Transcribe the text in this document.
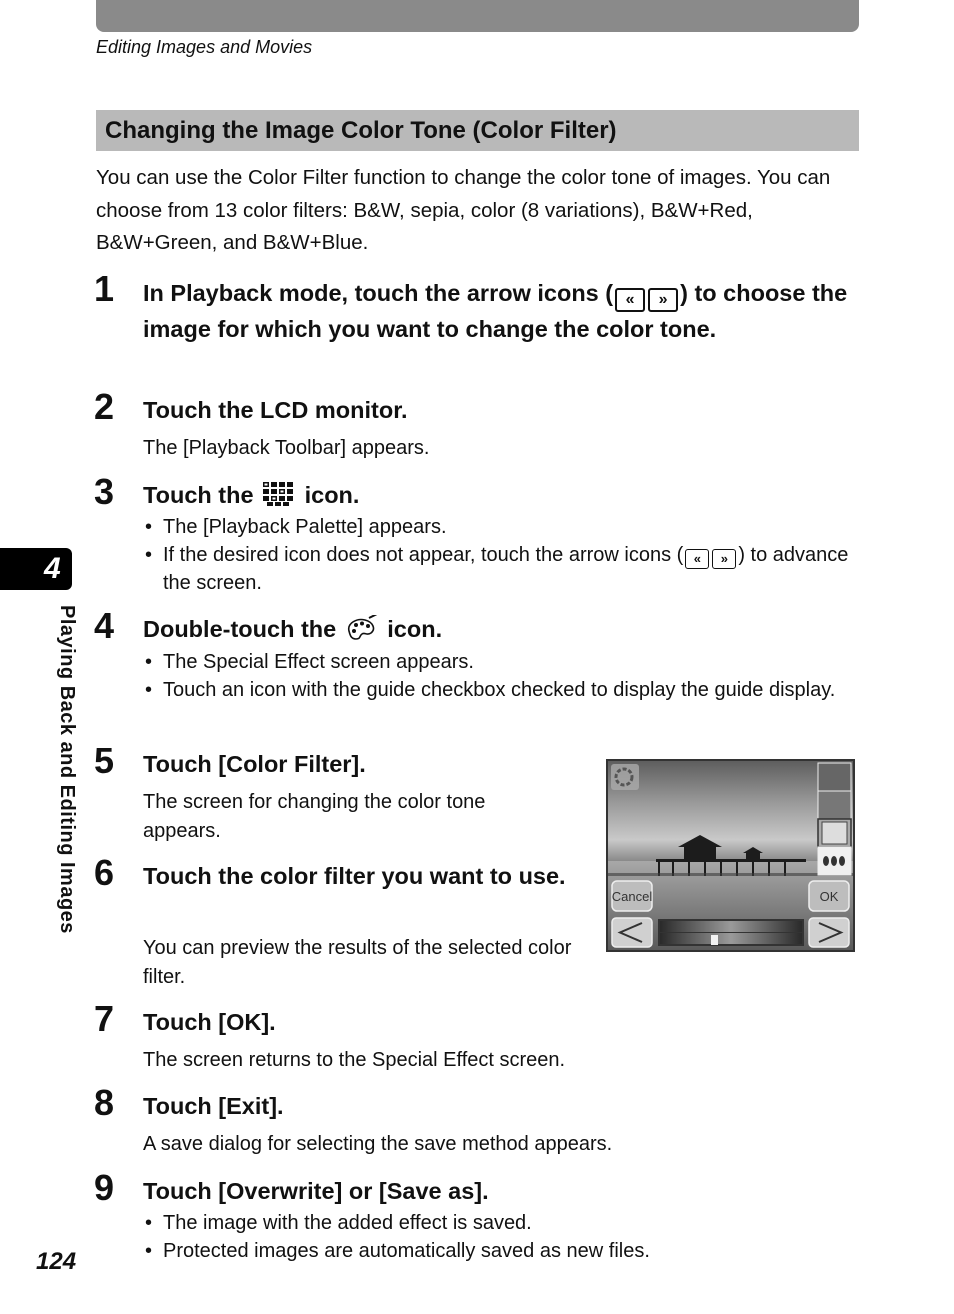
Editing Images and Movies
Changing the Image Color Tone (Color Filter)

You can use the Color Filter function to change the color tone of images. You can choose from 13 color filters: B&W, sepia, color (8 variations), B&W+Red, B&W+Green, and B&W+Blue.

1 In Playback mode, touch the arrow icons ( «	» ) to choose the image for which you want to change the color tone.
2 Touch the LCD monitor.
The [Playback Toolbar] appears.
3 Touch the icon.
• The [Playback Palette] appears.
• If the desired icon does not appear, touch the arrow icons ( «	» ) to advance the screen.
4 Double-touch the icon.
• The Special Effect screen appears.
• Touch an icon with the guide checkbox checked to display the guide display.
5 Touch [Color Filter].
The screen for changing the color tone appears.
6 Touch the color filter you want to use.
You can preview the results of the selected color filter.
7 Touch [OK].
The screen returns to the Special Effect screen.
8 Touch [Exit].
A save dialog for selecting the save method appears.
9 Touch [Overwrite] or [Save as].
• The image with the added effect is saved.
• Protected images are automatically saved as new files.
4
Playing Back and Editing Images
124
Cancel	OK
